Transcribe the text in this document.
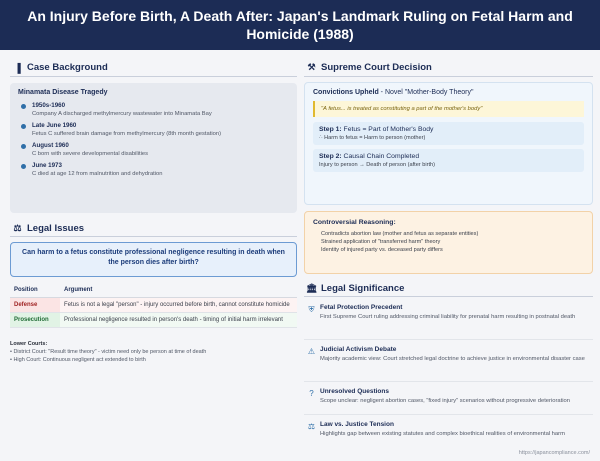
An Injury Before Birth, A Death After: Japan's Landmark Ruling on Fetal Harm and Homicide (1988)
▐ Case Background
Minamata Disease Tragedy
1950s-1960
Company A discharged methylmercury wastewater into Minamata Bay
Late June 1960
Fetus C suffered brain damage from methylmercury (8th month gestation)
August 1960
C born with severe developmental disabilities
June 1973
C died at age 12 from malnutrition and dehydration
⚖ Legal Issues
Can harm to a fetus constitute professional negligence resulting in death when the person dies after birth?
Position	Argument
Defense	Fetus is not a legal "person" - injury occurred before birth, cannot constitute homicide
Prosecution	Professional negligence resulted in person's death - timing of initial harm irrelevant
Lower Courts:
• District Court: "Result time theory" - victim need only be person at time of death
• High Court: Continuous negligent act extended to birth
⚒ Supreme Court Decision
Convictions Upheld - Novel "Mother-Body Theory"
"A fetus... is treated as constituting a part of the mother's body"
Step 1: Fetus = Part of Mother's Body
∴ Harm to fetus = Harm to person (mother)
Step 2: Causal Chain Completed
Injury to person → Death of person (after birth)
Controversial Reasoning:
Contradicts abortion law (mother and fetus as separate entities)
Strained application of "transferred harm" theory
Identity of injured party vs. deceased party differs
🏛 Legal Significance
⛨ Fetal Protection Precedent
First Supreme Court ruling addressing criminal liability for prenatal harm resulting in postnatal death
⚠ Judicial Activism Debate
Majority academic view: Court stretched legal doctrine to achieve justice in environmental disaster case
? Unresolved Questions
Scope unclear: negligent abortion cases, "fixed injury" scenarios without progressive deterioration
⚖ Law vs. Justice Tension
Highlights gap between existing statutes and complex bioethical realities of environmental harm
https://japancompliance.com/
